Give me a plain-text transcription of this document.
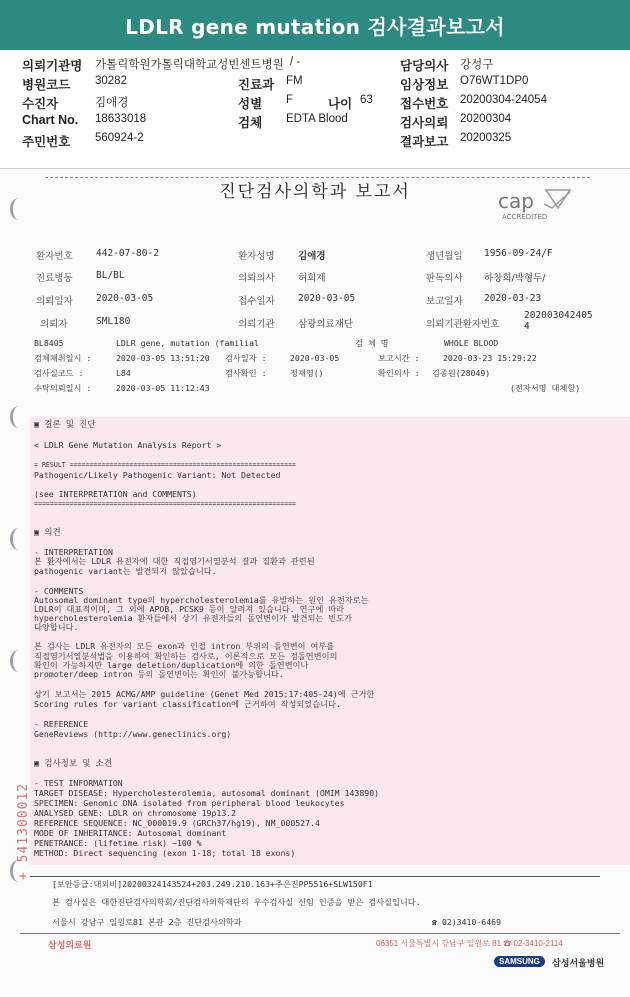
LDLR gene mutation 검사결과보고서
의뢰기관명 가톨릭학원가톨릭대학교성빈센트병원 / -	담당의사 강성구
병원코드 30282	진료과 FM	임상정보 O76WT1DP0
수진자	김애경	성별 F	나이 63 접수번호 20200304-24054
Chart No. 18633018	검체 EDTA Blood	검사의뢰 20200304
주민번호 560924-2	결과보고 20200325
진단검사의학과 보고서	cap
ACCREDITED
환자번호 442-07-80-2	환자성명 김애경	생년월일 1956-09-24/F
진료병동 BL/BL	의뢰의사 허희제	판독의사 하창희/박형두/
의뢰일자 2020-03-05	접수일자 2020-03-05	보고일자 2020-03-23
의뢰자	SML180	의뢰기관 삼광의료재단	의뢰기관환자번호
202003042405
4
BL8405	LDLR gene, mutation (familial	검 체 명	WHOLE BLOOD
검체채취일시 :	2020-03-05 13:51:20 검사일자 :	2020-03-05	보고시간 :	2020-03-23 15:29:22
검사실코드 :	L84	검사확인 :	정재영()	확인의사 : 김종원(28049)
수탁의뢰일시 :	2020-03-05 11:12:43	(전자서명 대체함)
▣ 결론 및 진단
< LDLR Gene Mutation Analysis Report >
= RESULT =========================================================
Pathogenic/Likely Pathogenic Variant: Not Detected
(see INTERPRETATION and COMMENTS)
==================================================================
▣ 의견
- INTERPRETATION
본 환자에서는 LDLR 유전자에 대한 직접염기서열분석 결과 질환과 관련된
pathogenic variant는 발견되지 않았습니다.
- COMMENTS
Autosomal dominant type의 hypercholesterolemia를 유발하는 원인 유전자로는
LDLR이 대표적이며, 그 외에 APOB, PCSK9 등이 알려져 있습니다. 연구에 따라
hypercholesterolemia 환자들에서 상기 유전자들의 돌연변이가 발견되는 빈도가
다양합니다.
본 검사는 LDLR 유전자의 모든 exon과 인접 intron 부위의 돌연변이 여부를
직접염기서열분석법을 이용하여 확인하는 검사로, 이론적으로 모든 점돌연변이의
확인이 가능하지만 large deletion/duplication에 의한 돌연변이나
promoter/deep intron 등의 돌연변이는 확인이 불가능합니다.
상기 보고서는 2015 ACMG/AMP guideline (Genet Med 2015;17:405-24)에 근거한
Scoring rules for variant classification에 근거하여 작성되었습니다.
- REFERENCE
GeneReviews (http://www.geneclinics.org)
▣ 검사정보 및 소견
- TEST INFORMATION
TARGET DISEASE: Hypercholesterolemia, autosomal dominant (OMIM 143890)
SPECIMEN: Genomic DNA isolated from peripheral blood leukocytes
ANALYSED GENE: LDLR on chromosome 19p13.2
REFERENCE SEQUENCE: NC_000019.9 (GRCh37/hg19), NM_000527.4
MODE OF INHERITANCE: Autosomal dominant
PENETRANCE: (lifetime risk) ~100 %
METHOD: Direct sequencing (exon 1-18; total 18 exons)
+ 541300012
[보안등급:대외비]20200324143524+203.249.210.163+주은진PP5516+SLW150F1
본 검사실은 대한진단검사의학회/진단검사의학재단의 우수검사실 신임 인증을 받은 검사실입니다.
서울시 강남구 일원로81 본관 2층 진단검사의학과	☎ 02)3410-6469
삼성의료원	06351 서울특별시 강남구 일원로 81 ☎ 02-3410-2114
SAMSUNG	삼성서울병원
